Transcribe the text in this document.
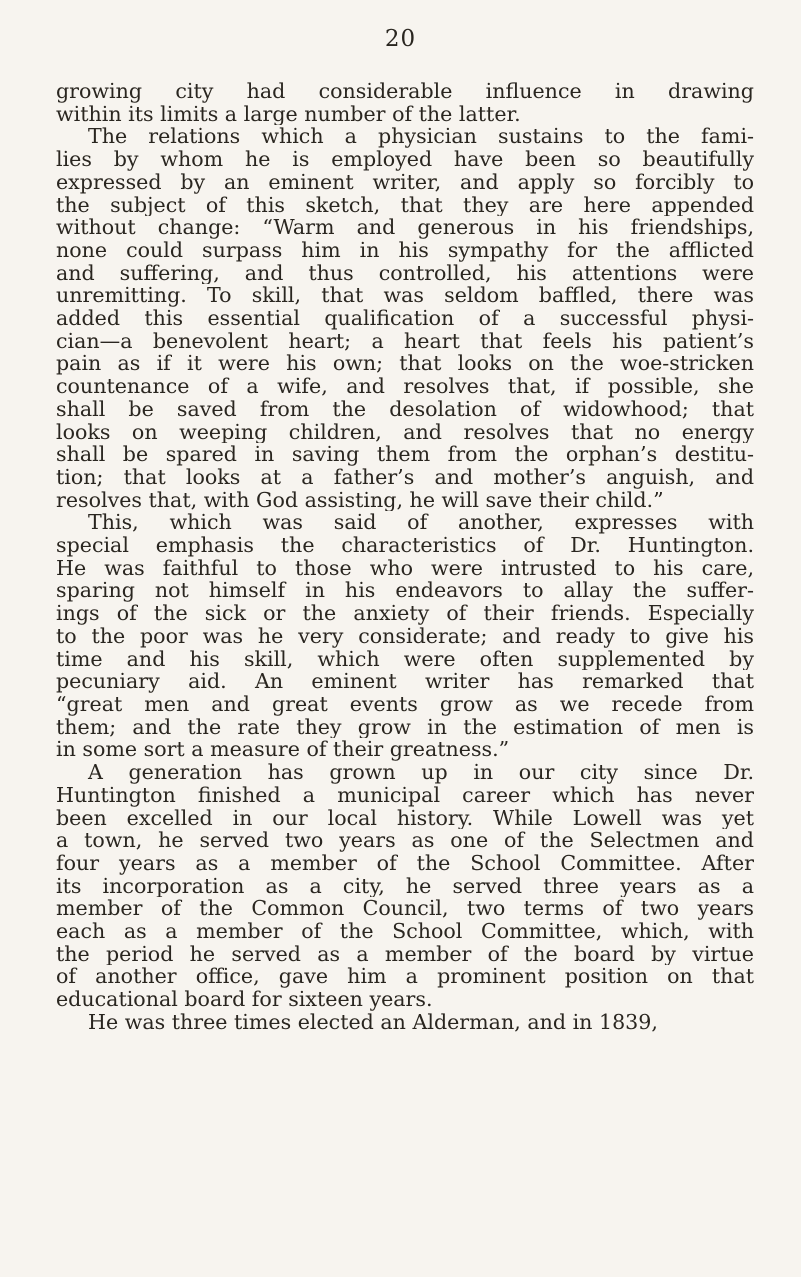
20
growing city had considerable influence in drawing
within its limits a large number of the latter.
The relations which a physician sustains to the fami-
lies by whom he is employed have been so beautifully
expressed by an eminent writer, and apply so forcibly to
the subject of this sketch, that they are here appended
without change: “Warm and generous in his friendships,
none could surpass him in his sympathy for the afflicted
and suffering, and thus controlled, his attentions were
unremitting. To skill, that was seldom baffled, there was
added this essential qualification of a successful physi-
cian—a benevolent heart; a heart that feels his patient’s
pain as if it were his own; that looks on the woe-stricken
countenance of a wife, and resolves that, if possible, she
shall be saved from the desolation of widowhood; that
looks on weeping children, and resolves that no energy
shall be spared in saving them from the orphan’s destitu-
tion; that looks at a father’s and mother’s anguish, and
resolves that, with God assisting, he will save their child.”
This, which was said of another, expresses with
special emphasis the characteristics of Dr. Huntington.
He was faithful to those who were intrusted to his care,
sparing not himself in his endeavors to allay the suffer-
ings of the sick or the anxiety of their friends. Especially
to the poor was he very considerate; and ready to give his
time and his skill, which were often supplemented by
pecuniary aid. An eminent writer has remarked that
“great men and great events grow as we recede from
them; and the rate they grow in the estimation of men is
in some sort a measure of their greatness.”
A generation has grown up in our city since Dr.
Huntington finished a municipal career which has never
been excelled in our local history. While Lowell was yet
a town, he served two years as one of the Selectmen and
four years as a member of the School Committee. After
its incorporation as a city, he served three years as a
member of the Common Council, two terms of two years
each as a member of the School Committee, which, with
the period he served as a member of the board by virtue
of another office, gave him a prominent position on that
educational board for sixteen years.
He was three times elected an Alderman, and in 1839,
